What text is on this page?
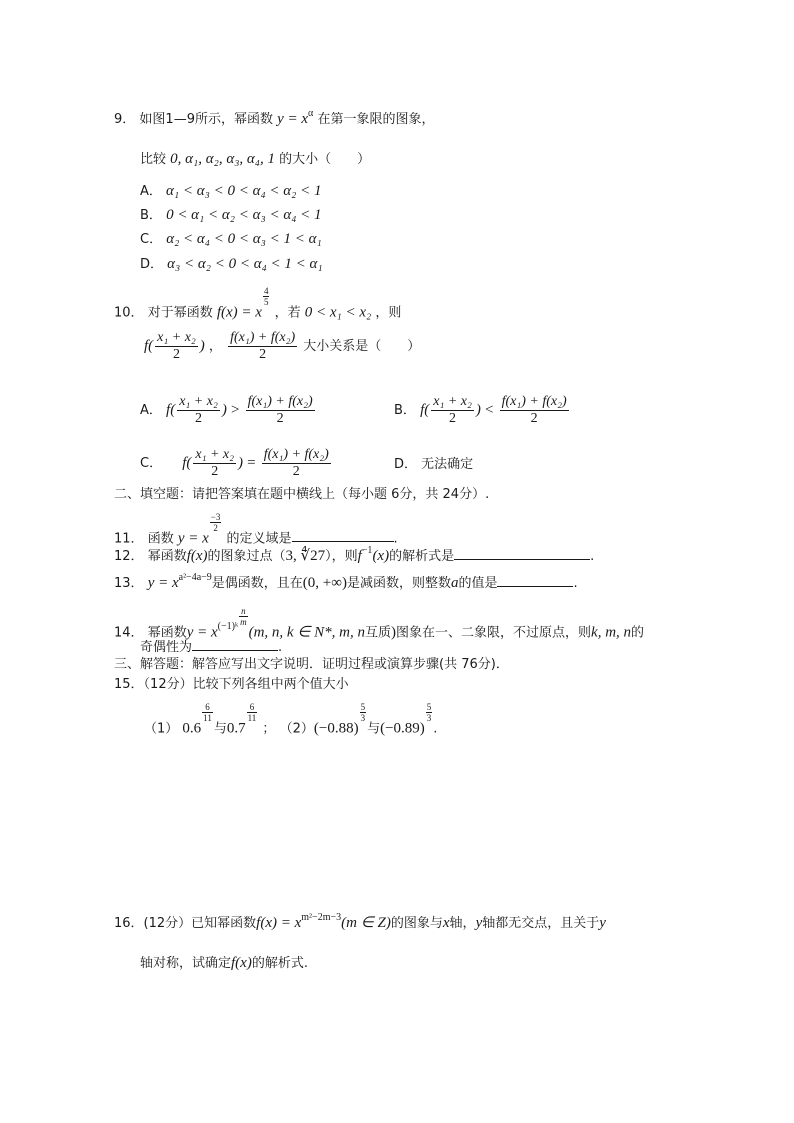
9． 如图1—9所示，幂函数 $y = x^\alpha$ 在第一象限的图象，
比较 0, α₁, α₂, α₃, α₄, 1 的大小（　　）
A． α₁ < α₃ < 0 < α₄ < α₂ < 1
B． 0 < α₁ < α₂ < α₃ < α₄ < 1
C． α₂ < α₄ < 0 < α₃ < 1 < α₁
D． α₃ < α₂ < 0 < α₄ < 1 < α₁
10． 对于幂函数 f(x) = x
$\frac{4}{5}$
，若 0 < x₁ < x₂ ，则
$f( \frac{\text{x₁ + x₂}}{2}$ ) ， $\frac{\text{f(x₁) + f(x₂)}}{2}$ 大小关系是（　　）
A． $f( \frac{\text{x₁ + x₂}}{2}$ ) > $\frac{\text{f(x₁) + f(x₂)}}{2}$	B． $f( \frac{\text{x₁ + x₂}}{2}$ ) < $\frac{\text{f(x₁) + f(x₂)}}{2}$
C． $f( \frac{\text{x₁ + x₂}}{2}$ ) = $\frac{\text{f(x₁) + f(x₂)}}{2}$	D． 无法确定
二、填空题：请把答案填在题中横线上（每小题 6分，共 24分）.
11． 函数 y = x
$\frac{-3}{2}$
的定义域是	.
12． 幂函数f(x)的图象过点（3, ∜27），则$f^{-1}(x)$的解析式是	.
13． $y = x^{a^2-4a-9}$是偶函数，且在(0, +∞)是减函数，则整数a的值是	.
14． 幂函数$y = x^{(-1)ᵏ} \frac{n}{m}$
(m, n, k ∈ N*, m, n互质)图象在一、二象限，不过原点，则k, m, n的
奇偶性为	.
三、解答题：解答应写出文字说明．证明过程或演算步骤(共 76分)．
15．（12分）比较下列各组中两个值大小
（1） 0.6
$\frac{6}{11}$
与0.7
$\frac{6}{11}$
； （2）(−0.88)
$\frac{5}{3}$
与(−0.89)
$\frac{5}{3}$
.
16．(12分）已知幂函数$f(x) = x^{m^2-2m-3}(m$ ∈ Z)的图象与x轴，y轴都无交点，且关于y
轴对称，试确定f(x)的解析式.
